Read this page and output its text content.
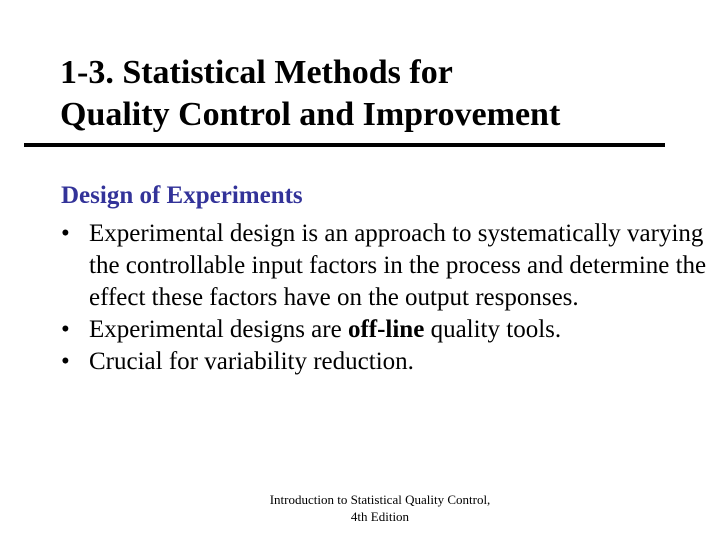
1-3. Statistical Methods for
Quality Control and Improvement

Design of Experiments

• Experimental design is an approach to systematically varying the controllable input factors in the process and determine the effect these factors have on the output responses.
• Experimental designs are off-line quality tools.
• Crucial for variability reduction.
Introduction to Statistical Quality Control,
4th Edition
